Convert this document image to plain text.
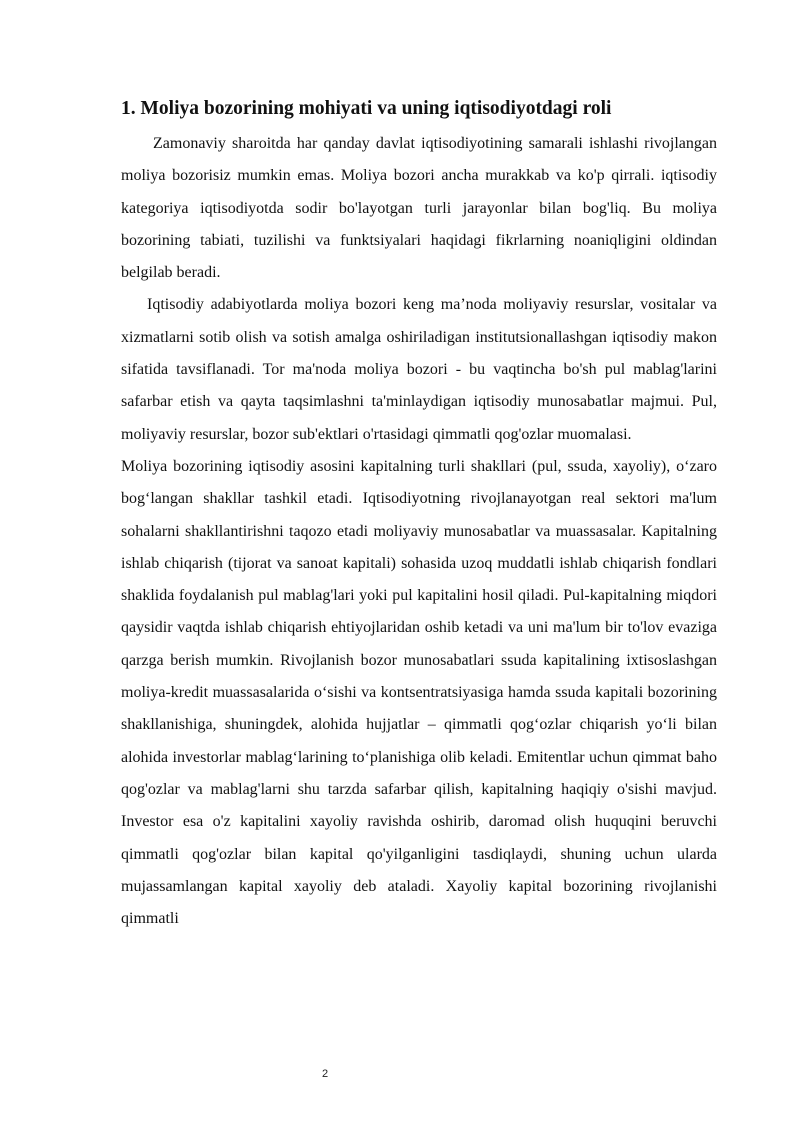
1. Moliya bozorining mohiyati va uning iqtisodiyotdagi roli

Zamonaviy sharoitda har qanday davlat iqtisodiyotining samarali ishlashi rivojlangan moliya bozorisiz mumkin emas. Moliya bozori ancha murakkab va ko'p qirrali. iqtisodiy kategoriya iqtisodiyotda sodir bo'layotgan turli jarayonlar bilan bog'liq. Bu moliya bozorining tabiati, tuzilishi va funktsiyalari haqidagi fikrlarning noaniqligini oldindan belgilab beradi.

Iqtisodiy adabiyotlarda moliya bozori keng ma’noda moliyaviy resurslar, vositalar va xizmatlarni sotib olish va sotish amalga oshiriladigan institutsionallashgan iqtisodiy makon sifatida tavsiflanadi. Tor ma'noda moliya bozori - bu vaqtincha bo'sh pul mablag'larini safarbar etish va qayta taqsimlashni ta'minlaydigan iqtisodiy munosabatlar majmui. Pul, moliyaviy resurslar, bozor sub'ektlari o'rtasidagi qimmatli qog'ozlar muomalasi.

Moliya bozorining iqtisodiy asosini kapitalning turli shakllari (pul, ssuda, xayoliy), o‘zaro bog‘langan shakllar tashkil etadi. Iqtisodiyotning rivojlanayotgan real sektori ma'lum sohalarni shakllantirishni taqozo etadi moliyaviy munosabatlar va muassasalar. Kapitalning ishlab chiqarish (tijorat va sanoat kapitali) sohasida uzoq muddatli ishlab chiqarish fondlari shaklida foydalanish pul mablag'lari yoki pul kapitalini hosil qiladi. Pul-kapitalning miqdori qaysidir vaqtda ishlab chiqarish ehtiyojlaridan oshib ketadi va uni ma'lum bir to'lov evaziga qarzga berish mumkin. Rivojlanish bozor munosabatlari ssuda kapitalining ixtisoslashgan moliya-kredit muassasalarida o‘sishi va kontsentratsiyasiga hamda ssuda kapitali bozorining shakllanishiga, shuningdek, alohida hujjatlar – qimmatli qog‘ozlar chiqarish yo‘li bilan alohida investorlar mablag‘larining to‘planishiga olib keladi. Emitentlar uchun qimmat baho qog'ozlar va mablag'larni shu tarzda safarbar qilish, kapitalning haqiqiy o'sishi mavjud. Investor esa o'z kapitalini xayoliy ravishda oshirib, daromad olish huquqini beruvchi qimmatli qog'ozlar bilan kapital qo'yilganligini tasdiqlaydi, shuning uchun ularda mujassamlangan kapital xayoliy deb ataladi. Xayoliy kapital bozorining rivojlanishi qimmatli

2
